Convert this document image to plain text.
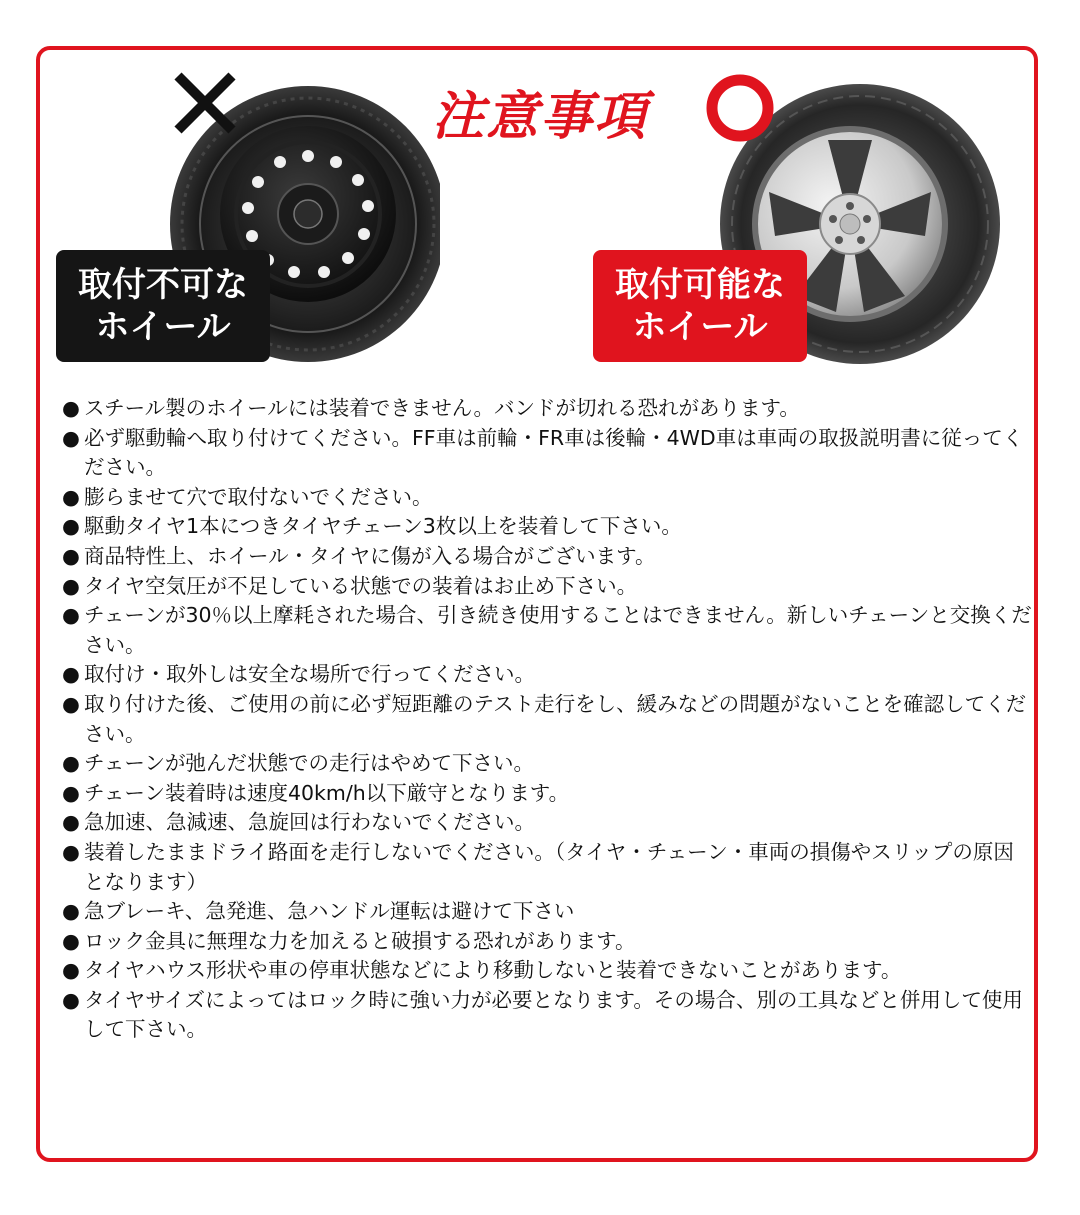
注意事項
取付不可な
ホイール
取付可能な
ホイール
● スチール製のホイールには装着できません。バンドが切れる恐れがあります。
● 必ず駆動輪へ取り付けてください。FF車は前輪・FR車は後輪・4WD車は車両の取扱説明書に従ってください。
● 膨らませて穴で取付ないでください。
● 駆動タイヤ1本につきタイヤチェーン3枚以上を装着して下さい。
● 商品特性上、ホイール・タイヤに傷が入る場合がございます。
● タイヤ空気圧が不足している状態での装着はお止め下さい。
● チェーンが30％以上摩耗された場合、引き続き使用することはできません。新しいチェーンと交換ください。
● 取付け・取外しは安全な場所で行ってください。
● 取り付けた後、ご使用の前に必ず短距離のテスト走行をし、緩みなどの問題がないことを確認してください。
● チェーンが弛んだ状態での走行はやめて下さい。
● チェーン装着時は速度40km/h以下厳守となります。
● 急加速、急減速、急旋回は行わないでください。
● 装着したままドライ路面を走行しないでください。（タイヤ・チェーン・車両の損傷やスリップの原因となります）
● 急ブレーキ、急発進、急ハンドル運転は避けて下さい
● ロック金具に無理な力を加えると破損する恐れがあります。
● タイヤハウス形状や車の停車状態などにより移動しないと装着できないことがあります。
● タイヤサイズによってはロック時に強い力が必要となります。その場合、別の工具などと併用して使用して下さい。
